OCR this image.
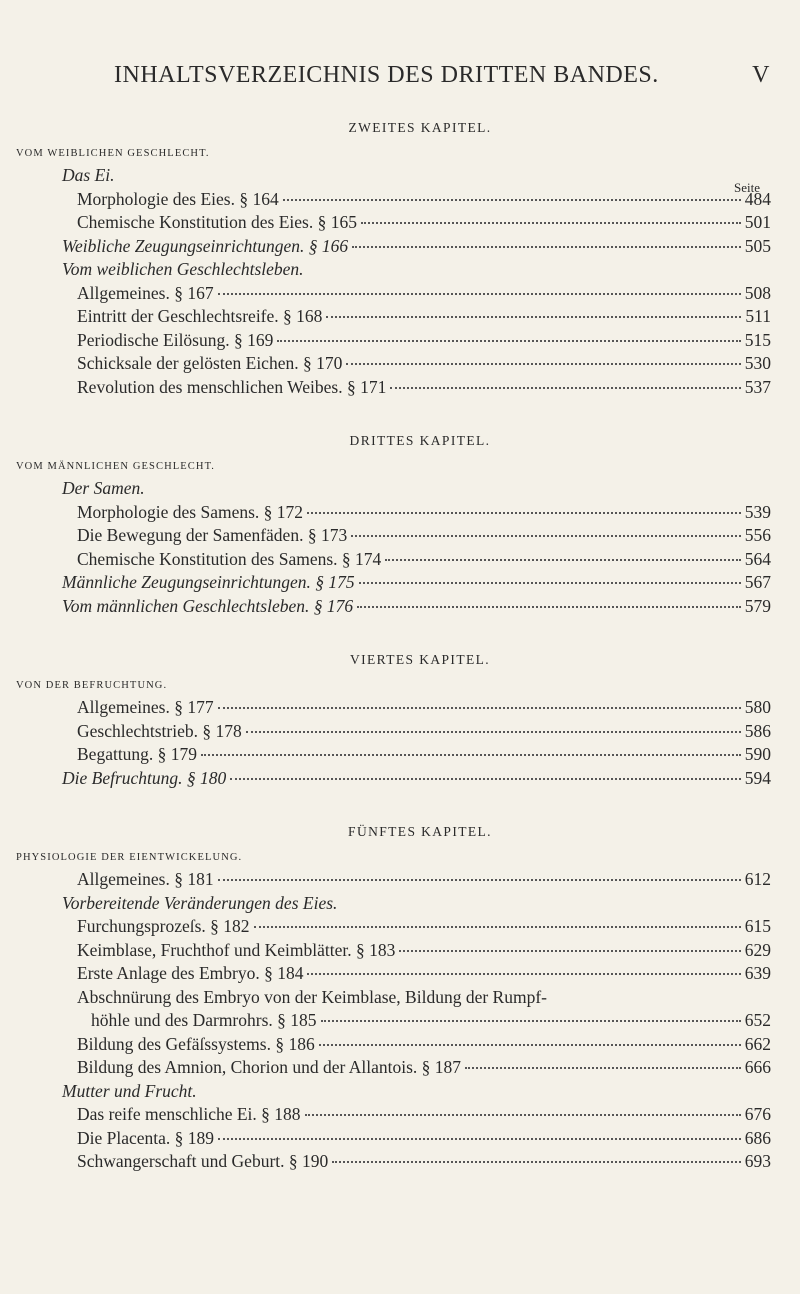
INHALTSVERZEICHNIS DES DRITTEN BANDES.	V
ZWEITES KAPITEL.
VOM WEIBLICHEN GESCHLECHT.
Seite
Das Ei.
Morphologie des Eies. § 164	484
Chemische Konstitution des Eies. § 165	501
Weibliche Zeugungseinrichtungen. § 166	505
Vom weiblichen Geschlechtsleben.
Allgemeines. § 167	508
Eintritt der Geschlechtsreife. § 168	511
Periodische Eilösung. § 169	515
Schicksale der gelösten Eichen. § 170	530
Revolution des menschlichen Weibes. § 171	537
DRITTES KAPITEL.
VOM MÄNNLICHEN GESCHLECHT.
Der Samen.
Morphologie des Samens. § 172	539
Die Bewegung der Samenfäden. § 173	556
Chemische Konstitution des Samens. § 174	564
Männliche Zeugungseinrichtungen. § 175	567
Vom männlichen Geschlechtsleben. § 176	579
VIERTES KAPITEL.
VON DER BEFRUCHTUNG.
Allgemeines. § 177	580
Geschlechtstrieb. § 178	586
Begattung. § 179	590
Die Befruchtung. § 180	594
FÜNFTES KAPITEL.
PHYSIOLOGIE DER EIENTWICKELUNG.
Allgemeines. § 181	612
Vorbereitende Veränderungen des Eies.
Furchungsprozeſs. § 182	615
Keimblase, Fruchthof und Keimblätter. § 183	629
Erste Anlage des Embryo. § 184	639
Abschnürung des Embryo von der Keimblase, Bildung der Rumpf-
höhle und des Darmrohrs. § 185	652
Bildung des Gefäſssystems. § 186	662
Bildung des Amnion, Chorion und der Allantois. § 187	666
Mutter und Frucht.
Das reife menschliche Ei. § 188	676
Die Placenta. § 189	686
Schwangerschaft und Geburt. § 190	693
